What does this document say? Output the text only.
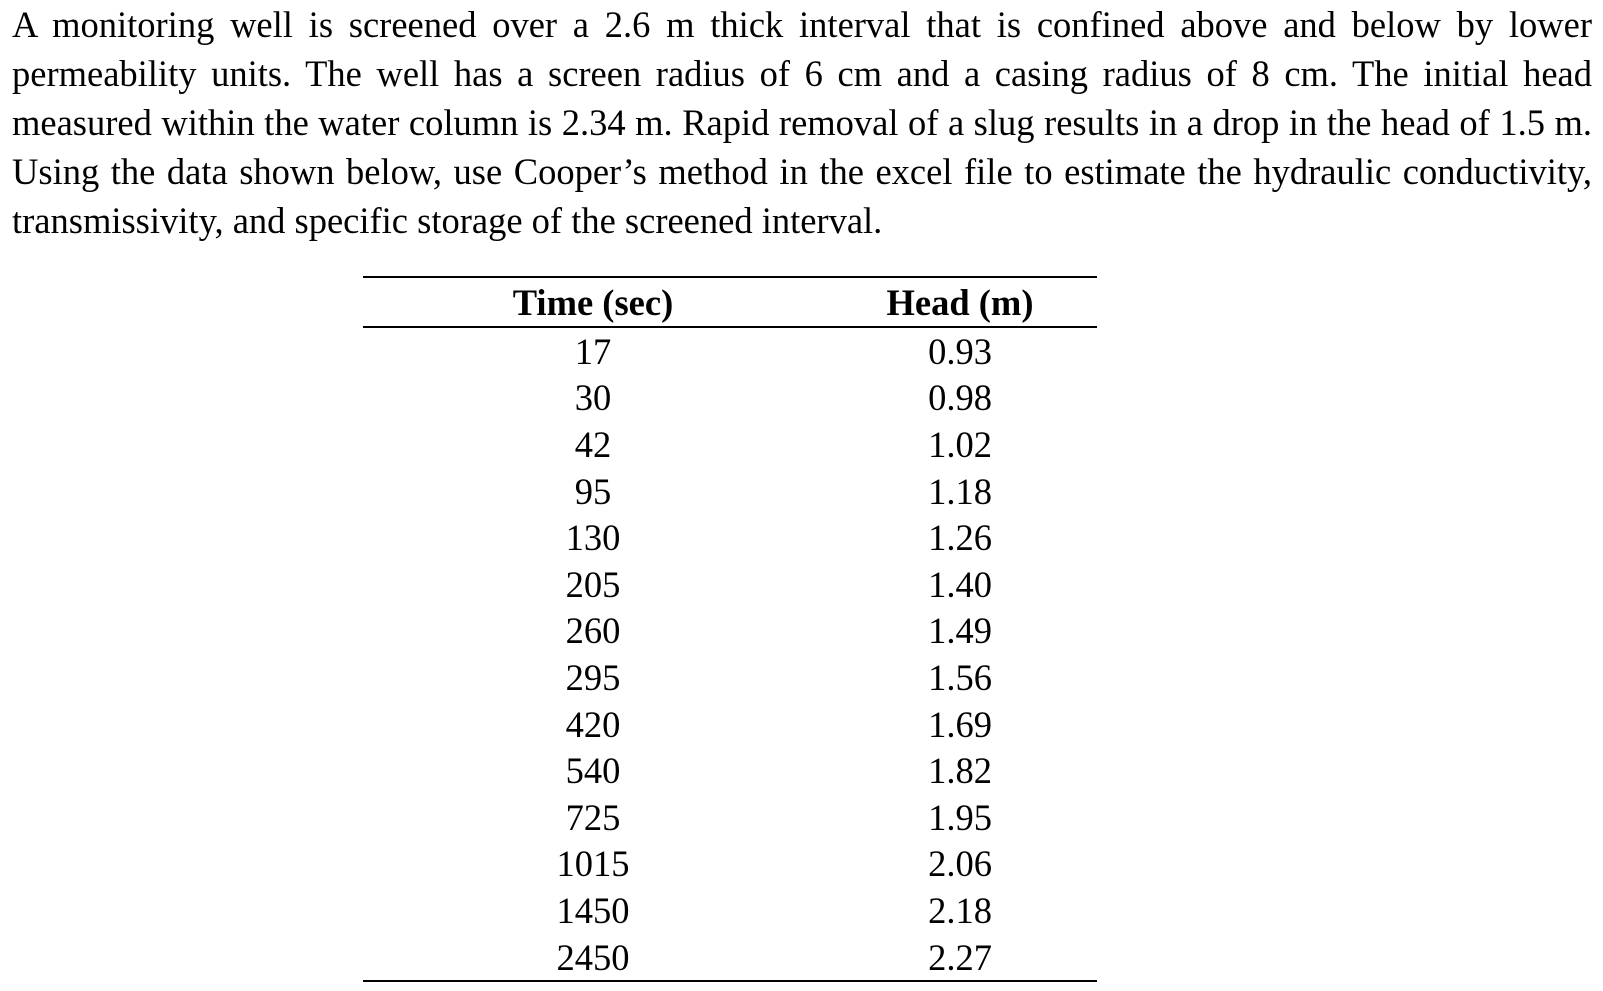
A monitoring well is screened over a 2.6 m thick interval that is confined above and below by lower permeability units. The well has a screen radius of 6 cm and a casing radius of 8 cm. The initial head measured within the water column is 2.34 m. Rapid removal of a slug results in a drop in the head of 1.5 m. Using the data shown below, use Cooper’s method in the excel file to estimate the hydraulic conductivity, transmissivity, and specific storage of the screened interval.

Time (sec)	Head (m)
17	0.93
30	0.98
42	1.02
95	1.18
130	1.26
205	1.40
260	1.49
295	1.56
420	1.69
540	1.82
725	1.95
1015	2.06
1450	2.18
2450	2.27
